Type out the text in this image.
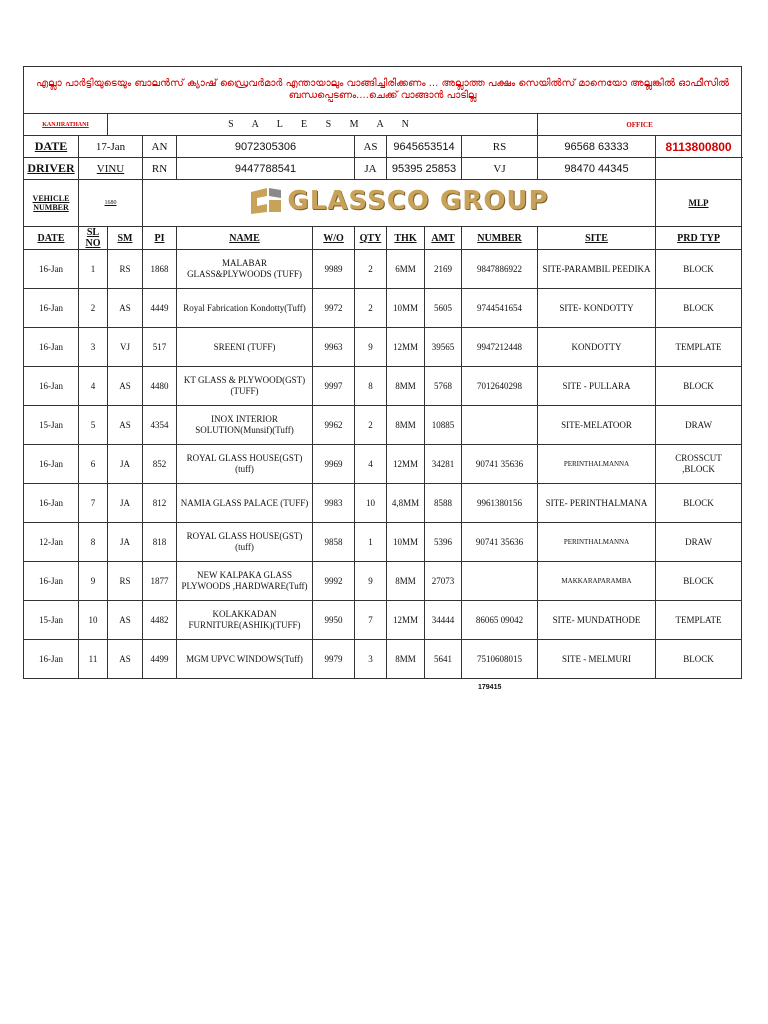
എല്ലാ പാർട്ടിയുടെയും ബാലൻസ് ക്യാഷ് ഡ്രൈവർമാർ എന്തായാലും വാങ്ങിച്ചിരിക്കണം ... അല്ലാത്ത പക്ഷം സെയിൽസ് മാനെയോ അല്ലങ്കിൽ ഓഫീസിൽ
ബന്ധപ്പെടണം....ചെക്ക് വാങ്ങാൻ പാടില്ല											

KANJIRATHANI		S A L E S M A N								OFFICE	
DATE	17-Jan		AN	9072305306		AS	9645653514		RS	96568 63333	8113800800
DRIVER	VINU		RN	9447788541		JA	95395 25853		VJ	98470 44345	
VEHICLE NUMBER	1680		GLASSCO GROUP								MLP
DATE	SL NO	SM	PI	NAME	W/O	QTY	THK	AMT	NUMBER	SITE	PRD TYP
16-Jan	1	RS	1868	MALABAR GLASS&PLYWOODS (TUFF)	9989	2	6MM	2169	9847886922	SITE-PARAMBIL PEEDIKA	BLOCK
16-Jan	2	AS	4449	Royal Fabrication Kondotty(Tuff)	9972	2	10MM	5605	9744541654	SITE- KONDOTTY	BLOCK
16-Jan	3	VJ	517	SREENI (TUFF)	9963	9	12MM	39565	9947212448	KONDOTTY	TEMPLATE
16-Jan	4	AS	4480	KT GLASS & PLYWOOD(GST)(TUFF)	9997	8	8MM	5768	7012640298	SITE - PULLARA	BLOCK
15-Jan	5	AS	4354	INOX INTERIOR SOLUTION(Munsif)(Tuff)	9962	2	8MM	10885		SITE-MELATOOR	DRAW
16-Jan	6	JA	852	ROYAL GLASS HOUSE(GST)(tuff)	9969	4	12MM	34281	90741 35636	PERINTHALMANNA	CROSSCUT ,BLOCK
16-Jan	7	JA	812	NAMIA GLASS PALACE (TUFF)	9983	10	4,8MM	8588	9961380156	SITE- PERINTHALMANA	BLOCK
12-Jan	8	JA	818	ROYAL GLASS HOUSE(GST)(tuff)	9858	1	10MM	5396	90741 35636	PERINTHALMANNA	DRAW
16-Jan	9	RS	1877	NEW KALPAKA GLASS PLYWOODS ,HARDWARE(Tuff)	9992	9	8MM	27073		MAKKARAPARAMBA	BLOCK
15-Jan	10	AS	4482	KOLAKKADAN FURNITURE(ASHIK)(TUFF)	9950	7	12MM	34444	86065 09042	SITE- MUNDATHODE	TEMPLATE
16-Jan	11	AS	4499	MGM UPVC WINDOWS(Tuff)	9979	3	8MM	5641	7510608015	SITE - MELMURI	BLOCK
179415
